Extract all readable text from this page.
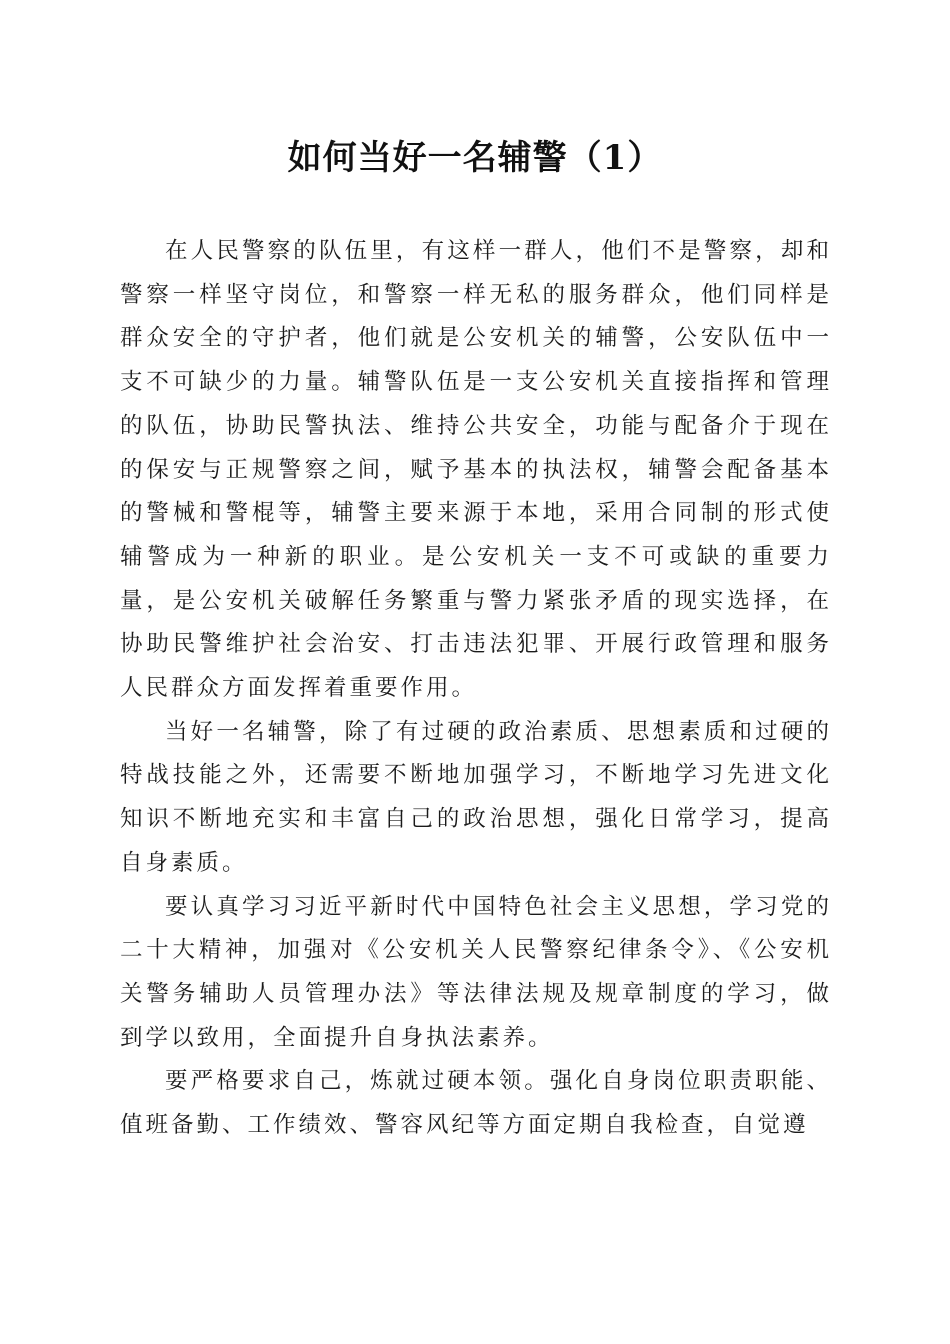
如何当好一名辅警（1）

在人民警察的队伍里，有这样一群人，他们不是警察，却和警察一样坚守岗位，和警察一样无私的服务群众，他们同样是群众安全的守护者，他们就是公安机关的辅警，公安队伍中一支不可缺少的力量。辅警队伍是一支公安机关直接指挥和管理的队伍，协助民警执法、维持公共安全，功能与配备介于现在的保安与正规警察之间，赋予基本的执法权，辅警会配备基本的警械和警棍等，辅警主要来源于本地，采用合同制的形式使辅警成为一种新的职业。是公安机关一支不可或缺的重要力量，是公安机关破解任务繁重与警力紧张矛盾的现实选择，在协助民警维护社会治安、打击违法犯罪、开展行政管理和服务人民群众方面发挥着重要作用。

当好一名辅警，除了有过硬的政治素质、思想素质和过硬的特战技能之外，还需要不断地加强学习，不断地学习先进文化知识不断地充实和丰富自己的政治思想，强化日常学习，提高自身素质。

要认真学习习近平新时代中国特色社会主义思想，学习党的二十大精神，加强对《公安机关人民警察纪律条令》、《公安机关警务辅助人员管理办法》等法律法规及规章制度的学习，做到学以致用，全面提升自身执法素养。

要严格要求自己，炼就过硬本领。强化自身岗位职责职能、值班备勤、工作绩效、警容风纪等方面定期自我检查，自觉遵
